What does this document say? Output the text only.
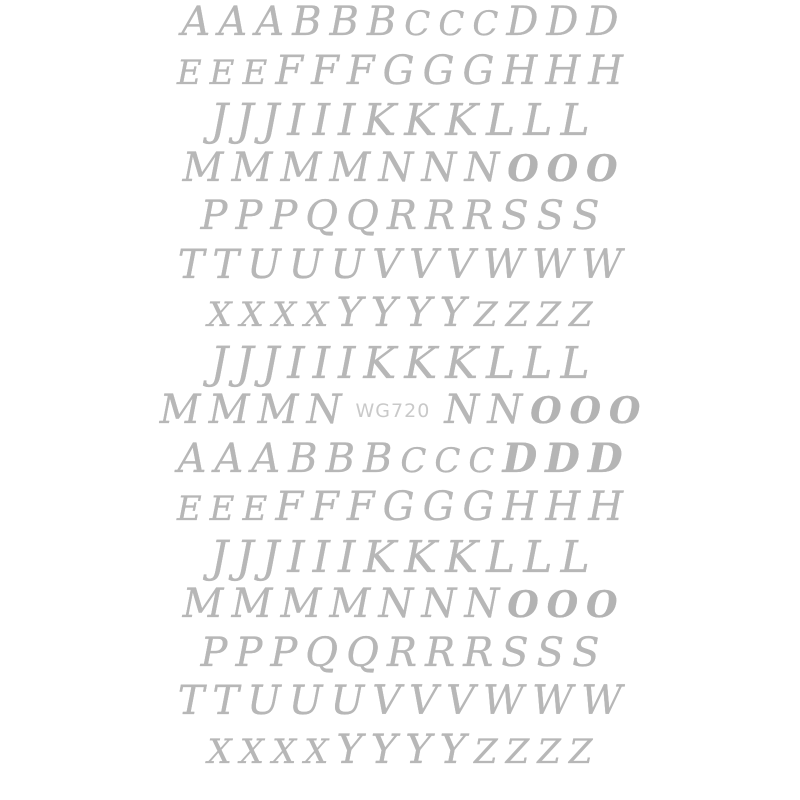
A A A B B B C C C D D D
E E E F F F G G G H H H
J J J I I I K K K L L L
M M M M N N N O O O
P P P Q Q R R R S S S
T T U U U V V V W W W
X X X X Y Y Y Y Z Z Z Z
J J J I I I K K K L L L
M M M N WG720 N N O O O
A A A B B B C C C D D D
E E E F F F G G G H H H
J J J I I I K K K L L L
M M M M N N N O O O
P P P Q Q R R R S S S
T T U U U V V V W W W
X X X X Y Y Y Y Z Z Z Z
